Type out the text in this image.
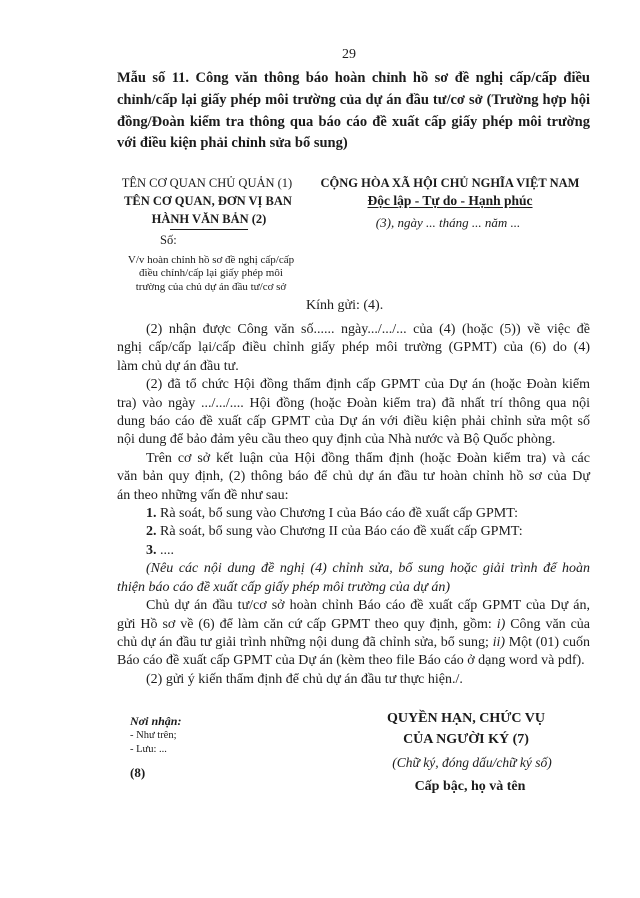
29
Mẫu số 11. Công văn thông báo hoàn chỉnh hồ sơ đề nghị cấp/cấp điều
chỉnh/cấp lại giấy phép môi trường của dự án đầu tư/cơ sở (Trường hợp hội
đồng/Đoàn kiểm tra thông qua báo cáo đề xuất cấp giấy phép môi trường
với điều kiện phải chỉnh sửa bổ sung)
TÊN CƠ QUAN CHỦ QUẢN (1)
TÊN CƠ QUAN, ĐƠN VỊ BAN
HÀNH VĂN BẢN (2)
Số:
CỘNG HÒA XÃ HỘI CHỦ NGHĨA VIỆT NAM
Độc lập - Tự do - Hạnh phúc
(3), ngày ... tháng ... năm ...
V/v hoàn chỉnh hồ sơ đề nghị cấp/cấp
điều chỉnh/cấp lại giấy phép môi
trường của chủ dự án đầu tư/cơ sở
Kính gửi: (4).
(2) nhận được Công văn số...... ngày.../.../... của (4) (hoặc (5)) về việc đề
nghị cấp/cấp lại/cấp điều chỉnh giấy phép môi trường (GPMT) của (6) do (4)
làm chủ dự án đầu tư.
(2) đã tổ chức Hội đồng thẩm định cấp GPMT của Dự án (hoặc Đoàn kiểm
tra) vào ngày .../.../.... Hội đồng (hoặc Đoàn kiểm tra) đã nhất trí thông qua nội
dung báo cáo đề xuất cấp GPMT của Dự án với điều kiện phải chỉnh sửa một số
nội dung để bảo đảm yêu cầu theo quy định của Nhà nước và Bộ Quốc phòng.
Trên cơ sở kết luận của Hội đồng thẩm định (hoặc Đoàn kiểm tra) và các
văn bản quy định, (2) thông báo để chủ dự án đầu tư hoàn chỉnh hồ sơ của Dự
án theo những vấn đề như sau:
1. Rà soát, bổ sung vào Chương I của Báo cáo đề xuất cấp GPMT:
2. Rà soát, bổ sung vào Chương II của Báo cáo đề xuất cấp GPMT:
3. ....
(Nêu các nội dung đề nghị (4) chỉnh sửa, bổ sung hoặc giải trình để hoàn
thiện báo cáo đề xuất cấp giấy phép môi trường của dự án)
Chủ dự án đầu tư/cơ sở hoàn chỉnh Báo cáo đề xuất cấp GPMT của Dự án,
gửi Hồ sơ về (6) để làm căn cứ cấp GPMT theo quy định, gồm: i) Công văn của
chủ dự án đầu tư giải trình những nội dung đã chỉnh sửa, bổ sung; ii) Một (01) cuốn
Báo cáo đề xuất cấp GPMT của Dự án (kèm theo file Báo cáo ở dạng word và pdf).
(2) gửi ý kiến thẩm định để chủ dự án đầu tư thực hiện./.
Nơi nhận:
- Như trên;
- Lưu: ...
(8)
QUYỀN HẠN, CHỨC VỤ
CỦA NGƯỜI KÝ (7)
(Chữ ký, đóng dấu/chữ ký số)
Cấp bậc, họ và tên
